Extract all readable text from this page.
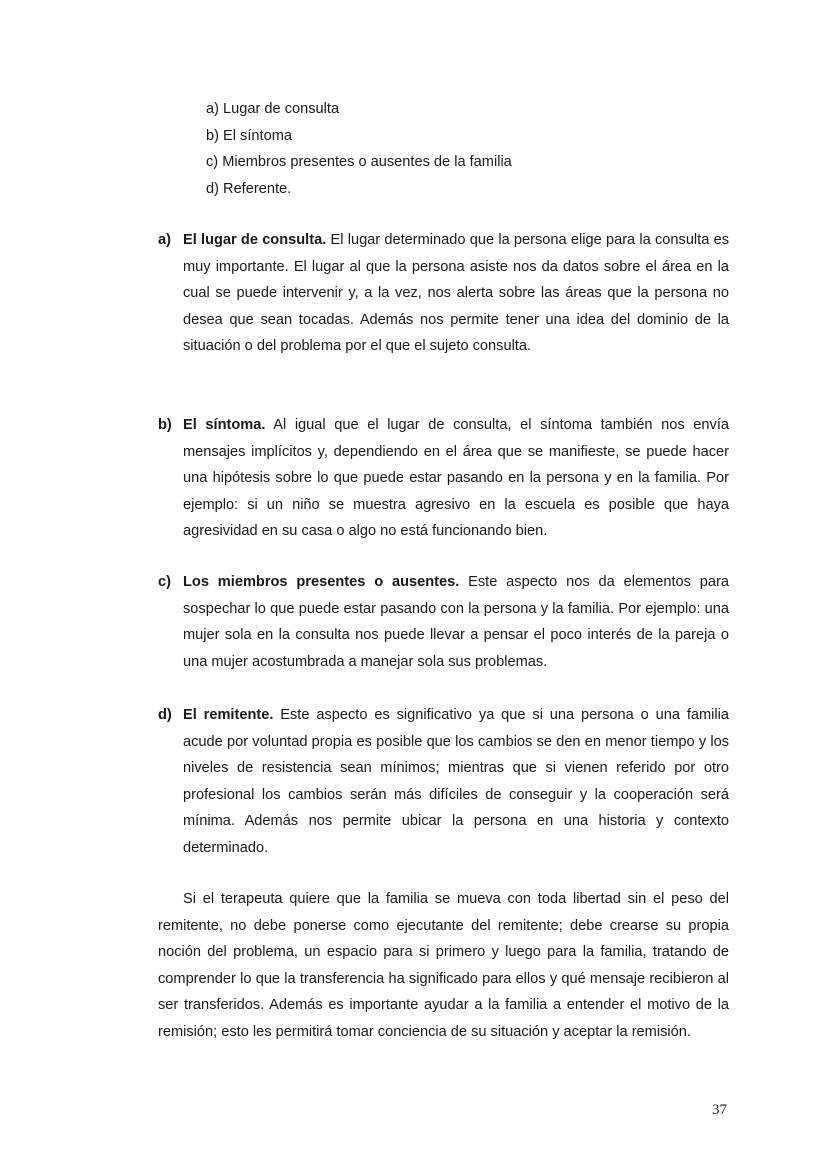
a) Lugar de consulta
b) El síntoma
c) Miembros presentes o ausentes de la familia
d) Referente.
a) El lugar de consulta. El lugar determinado que la persona elige para la consulta es muy importante. El lugar al que la persona asiste nos da datos sobre el área en la cual se puede intervenir y, a la vez, nos alerta sobre las áreas que la persona no desea que sean tocadas. Además nos permite tener una idea del dominio de la situación o del problema por el que el sujeto consulta.
b) El síntoma. Al igual que el lugar de consulta, el síntoma también nos envía mensajes implícitos y, dependiendo en el área que se manifieste, se puede hacer una hipótesis sobre lo que puede estar pasando en la persona y en la familia. Por ejemplo: si un niño se muestra agresivo en la escuela es posible que haya agresividad en su casa o algo no está funcionando bien.
c) Los miembros presentes o ausentes. Este aspecto nos da elementos para sospechar lo que puede estar pasando con la persona y la familia. Por ejemplo: una mujer sola en la consulta nos puede llevar a pensar el poco interés de la pareja o una mujer acostumbrada a manejar sola sus problemas.
d) El remitente. Este aspecto es significativo ya que si una persona o una familia acude por voluntad propia es posible que los cambios se den en menor tiempo y los niveles de resistencia sean mínimos; mientras que si vienen referido por otro profesional los cambios serán más difíciles de conseguir y la cooperación será mínima. Además nos permite ubicar la persona en una historia y contexto determinado.

Si el terapeuta quiere que la familia se mueva con toda libertad sin el peso del remitente, no debe ponerse como ejecutante del remitente; debe crearse su propia noción del problema, un espacio para si primero y luego para la familia, tratando de comprender lo que la transferencia ha significado para ellos y qué mensaje recibieron al ser transferidos. Además es importante ayudar a la familia a entender el motivo de la remisión; esto les permitirá tomar conciencia de su situación y aceptar la remisión.

37
